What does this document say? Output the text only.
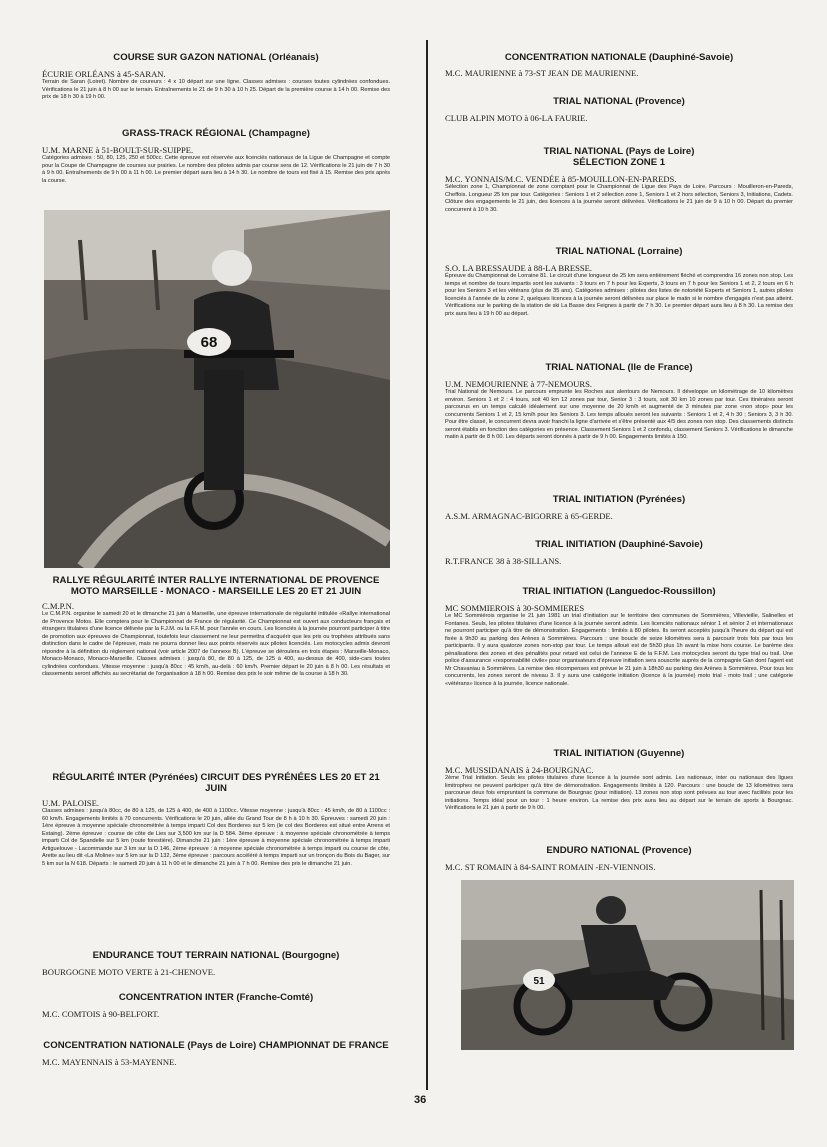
COURSE SUR GAZON NATIONAL (Orléanais)

ÉCURIE ORLÉANS à 45-SARAN.

Terrain de Saran (Loiret). Nombre de coureurs : 4 x 10 départ sur une ligne. Classes admises : courses toutes cylindrées confondues. Vérifications le 21 juin à 8 h 00 sur le terrain. Entraînements le 21 de 9 h 30 à 10 h 25. Départ de la première course à 14 h 00. Remise des prix de 18 h 30 à 19 h 00.

GRASS-TRACK RÉGIONAL (Champagne)

U.M. MARNE à 51-BOULT-SUR-SUIPPE.

Catégories admises : 50, 80, 125, 250 et 500cc. Cette épreuve est réservée aux licenciés nationaux de la Ligue de Champagne et compte pour la Coupe de Champagne de courses sur prairies. Le nombre des pilotes admis par course sera de 12. Vérifications le 21 juin de 7 h 30 à 9 h 00. Entraînements de 9 h 00 à 11 h 00. Le premier départ aura lieu à 14 h 30. Le nombre de tours est fixé à 15. Remise des prix après la course.

68
RALLYE RÉGULARITÉ INTER RALLYE INTERNATIONAL DE PROVENCE MOTO MARSEILLE - MONACO - MARSEILLE LES 20 ET 21 JUIN

C.M.P.N.

Le C.M.P.N. organise le samedi 20 et le dimanche 21 juin à Marseille, une épreuve internationale de régularité intitulée «Rallye international de Provence Motos. Elle comptera pour le Championnat de France de régularité. Ce Championnat est ouvert aux conducteurs français et étrangers titulaires d'une licence délivrée par la F.J.M. ou la F.F.M. pour l'année en cours. Les licenciés à la journée pourront participer à titre de promotion aux épreuves de Championnat, toutefois leur classement ne leur permettra d'acquérir que les prix ou trophées attribués sans distinction dans le cadre de l'épreuve, mais ne pourra donner lieu aux points réservés aux pilotes licenciés. Les motocycles admis devront répondre à la définition du règlement national (voir article 2007 de l'annexe B). L'épreuve se déroulera en trois étapes : Marseille-Monaco, Monaco-Monaco, Monaco-Marseille. Classes admises : jusqu'à 80, de 80 à 125, de 125 à 400, au-dessus de 400, side-cars toutes cylindrées confondues. Vitesse moyenne : jusqu'à 80cc : 45 km/h, au-delà : 60 km/h. Premier départ le 20 juin à 8 h 00. Les résultats et classements seront affichés au secrétariat de l'organisation à 18 h 00. Remise des prix le soir même de la course à 18 h 30.

RÉGULARITÉ INTER (Pyrénées) CIRCUIT DES PYRÉNÉES LES 20 ET 21 JUIN

U.M. PALOISE.

Classes admises : jusqu'à 80cc, de 80 à 125, de 125 à 400, de 400 à 1100cc. Vitesse moyenne : jusqu'à 80cc : 45 km/h, de 80 à 1100cc : 60 km/h. Engagements limités à 70 concurrents. Vérifications le 20 juin, allée du Grand Tour de 8 h à 10 h 30. Épreuves : samedi 20 juin : 1ère épreuve à moyenne spéciale chronométrée à temps imparti Col des Borderes sur 5 km (le col des Borderes est situé entre Arrens et Estaing). 2ème épreuve : course de côte de Lies sur 3,500 km sur la D 584. 3ème épreuve : à moyenne spéciale chronométrée à temps imparti Col de Spandelle sur 5 km (route forestière). Dimanche 21 juin : 1ère épreuve à moyenne spéciale chronométrée à temps imparti Artiguelouve - Lacommande sur 3 km sur la D 146, 2ème épreuve : à moyenne spéciale chronométrée à temps imparti ou course de côte, Arette au lieu dit «La Moline» sur 5 km sur la D 132, 3ème épreuve : parcours accéléré à temps imparti sur un tronçon du Bois du Bager, sur 5 km sur la N 618. Départs : le samedi 20 juin à 11 h 00 et le dimanche 21 juin à 7 h 00. Remise des prix le dimanche 21 juin.

ENDURANCE TOUT TERRAIN NATIONAL (Bourgogne)

BOURGOGNE MOTO VERTE à 21-CHENOVE.

CONCENTRATION INTER (Franche-Comté)

M.C. COMTOIS à 90-BELFORT.

CONCENTRATION NATIONALE (Pays de Loire) CHAMPIONNAT DE FRANCE

M.C. MAYENNAIS à 53-MAYENNE.

CONCENTRATION NATIONALE (Dauphiné-Savoie)

M.C. MAURIENNE à 73-ST JEAN DE MAURIENNE.

TRIAL NATIONAL (Provence)

CLUB ALPIN MOTO à 06-LA FAURIE.

TRIAL NATIONAL (Pays de Loire) SÉLECTION ZONE 1

M.C. YONNAIS/M.C. VENDÉE à 85-MOUILLON-EN-PAREDS.

Sélection zone 1, Championnat de zone comptant pour le Championnat de Ligue des Pays de Loire. Parcours : Mouilleron-en-Pareds, Cheffois. Longueur 25 km par tour. Catégories : Seniors 1 et 2 sélection zone 1, Seniors 1 et 2 hors sélection, Seniors 3, Initiations, Cadets. Clôture des engagements le 21 juin, des licences à la journée seront délivrées. Vérifications le 21 juin de 9 à 10 h 00. Départ du premier concurrent à 10 h 30.

TRIAL NATIONAL (Lorraine)

S.O. LA BRESSAUDE à 88-LA BRESSE.

Épreuve du Championnat de Lorraine 81. Le circuit d'une longueur de 25 km sera entièrement fléché et comprendra 16 zones non stop. Les temps et nombre de tours impartis sont les suivants : 3 tours en 7 h pour les Experts, 3 tours en 7 h pour les Seniors 1 et 2, 2 tours en 6 h pour les Seniors 3 et les vétérans (plus de 35 ans). Catégories admises : pilotes des listes de notoriété Experts et Seniors 1, autres pilotes licenciés à l'année de la zone 2, quelques licences à la journée seront délivrées sur place le matin si le nombre d'engagés n'est pas atteint. Vérifications sur le parking de la station de ski La Basse des Feignes à partir de 7 h 30. Le premier départ aura lieu à 8 h 30. La remise des prix aura lieu à 19 h 00 au départ.

TRIAL NATIONAL (Ile de France)

U.M. NEMOURIENNE à 77-NEMOURS.

Trial National de Nemours. Le parcours emprunte les Roches aux alentours de Nemours. Il développe un kilométrage de 10 kilomètres environ. Seniors 1 et 2 : 4 tours, soit 40 km 12 zones par tour, Senior 3 : 3 tours, soit 30 km 10 zones par tour. Ces itinéraires seront parcourus en un temps calculé idéalement sur une moyenne de 20 km/h et augmenté de 3 minutes par zone «non stop» pour les concurrents Seniors 1 et 2, 15 km/h pour les Seniors 3. Les temps alloués seront les suivants : Seniors 1 et 2, 4 h 30 ; Seniors 3, 3 h 30. Pour être classé, le concurrent devra avoir franchi la ligne d'arrivée et s'être présenté aux 4/5 des zones non stop. Des classements distincts seront établis en fonction des catégories en présence. Classement Seniors 1 et 2 confondu, classement Seniors 3. Vérifications le dimanche matin à partir de 8 h 00. Les départs seront donnés à partir de 9 h 00. Engagements limités à 150.

TRIAL INITIATION (Pyrénées)

A.S.M. ARMAGNAC-BIGORRE à 65-GERDE.

TRIAL INITIATION (Dauphiné-Savoie)

R.T.FRANCE 38 à 38-SILLANS.

TRIAL INITIATION (Languedoc-Roussillon)

MC SOMMIEROIS à 30-SOMMIERES

Le MC Sommiérois organise le 21 juin 1981 un trial d'initiation sur le territoire des communes de Sommières, Villevieille, Salinelles et Fontanes. Seuls, les pilotes titulaires d'une licence à la journée seront admis. Les licenciés nationaux sénior 1 et sénior 2 et internationaux ne pourront participer qu'à titre de démonstration. Engagements : limités à 80 pilotes. Ils seront acceptés jusqu'à l'heure du départ qui est fixée à 9h30 au parking des Arènes à Sommières. Parcours : une boucle de seize kilomètres sera à parcourir trois fois par tous les participants. Il y aura quatorze zones non-stop par tour. Le temps alloué est de 5h30 plus 1h avant la mise hors course. Le barème des pénalisations des zones et des pénalités pour retard est celui de l'annexe E de la F.F.M. Les motocycles seront du type trial ou trail. Une police d'assurance «responsabilité civile» pour organisateurs d'épreuve initiation sera souscrite auprès de la compagnie Gan dont l'agent est Mr Chavaniau à Sommières. La remise des récompenses est prévue le 21 juin à 18h30 au parking des Arènes à Sommières. Pour tous les concurrents, les zones seront de niveau 3. Il y aura une catégorie initiation (licence à la journée) moto trial - moto trail ; une catégorie «vétérans» licence à la journée, licence nationale.

TRIAL INITIATION (Guyenne)

M.C. MUSSIDANAIS à 24-BOURGNAC.

2ème Trial Initiation. Seuls les pilotes titulaires d'une licence à la journée sont admis. Les nationaux, inter ou nationaux des ligues limitrophes ne peuvent participer qu'à titre de démonstration. Engagements limités à 120. Parcours : une boucle de 13 kilomètres sera parcourue deux fois empruntant la commune de Bourgnac (pour initiation). 13 zones non stop sont prévues au tour avec facilités pour les initiations. Temps idéal pour un tour : 1 heure environ. La remise des prix aura lieu au départ sur le terrain de sports à Bourgnac. Vérifications le 21 juin à partir de 9 h 00.

ENDURO NATIONAL (Provence)

M.C. ST ROMAIN à 84-SAINT ROMAIN -EN-VIENNOIS.

51
36
